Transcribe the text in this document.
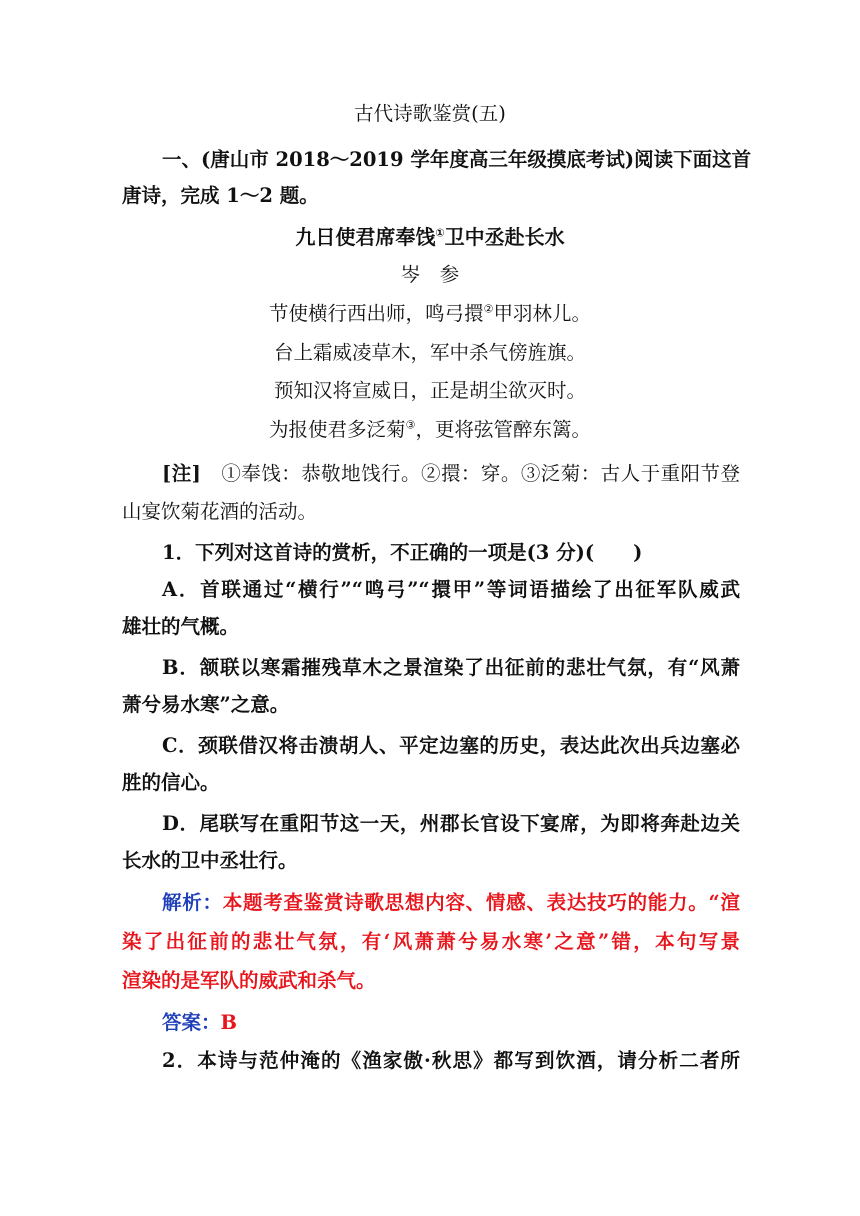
古代诗歌鉴赏(五)
一、(唐山市 2018～2019 学年度高三年级摸底考试)阅读下面这首
唐诗，完成 1～2 题。
九日使君席奉饯①卫中丞赴长水
岑　参
节使横行西出师，鸣弓擐②甲羽林儿。
台上霜威凌草木，军中杀气傍旌旗。
预知汉将宣威日，正是胡尘欲灭时。
为报使君多泛菊③，更将弦管醉东篱。
[注]　 ①奉饯：恭敬地饯行。②擐：穿。③泛菊：古人于重阳节登
山宴饮菊花酒的活动。
1．下列对这首诗的赏析，不正确的一项是(3 分)(　　)
A．首联通过“横行”“鸣弓”“擐甲”等词语描绘了出征军队威武
雄壮的气概。
B．颔联以寒霜摧残草木之景渲染了出征前的悲壮气氛，有“风萧
萧兮易水寒”之意。
C．颈联借汉将击溃胡人、平定边塞的历史，表达此次出兵边塞必
胜的信心。
D．尾联写在重阳节这一天，州郡长官设下宴席，为即将奔赴边关
长水的卫中丞壮行。
解析：本题考查鉴赏诗歌思想内容、情感、表达技巧的能力。“渲
染了出征前的悲壮气氛，有‘风萧萧兮易水寒’之意”错，本句写景
渲染的是军队的威武和杀气。
答案：B
2．本诗与范仲淹的《渔家傲·秋思》都写到饮酒，请分析二者所
